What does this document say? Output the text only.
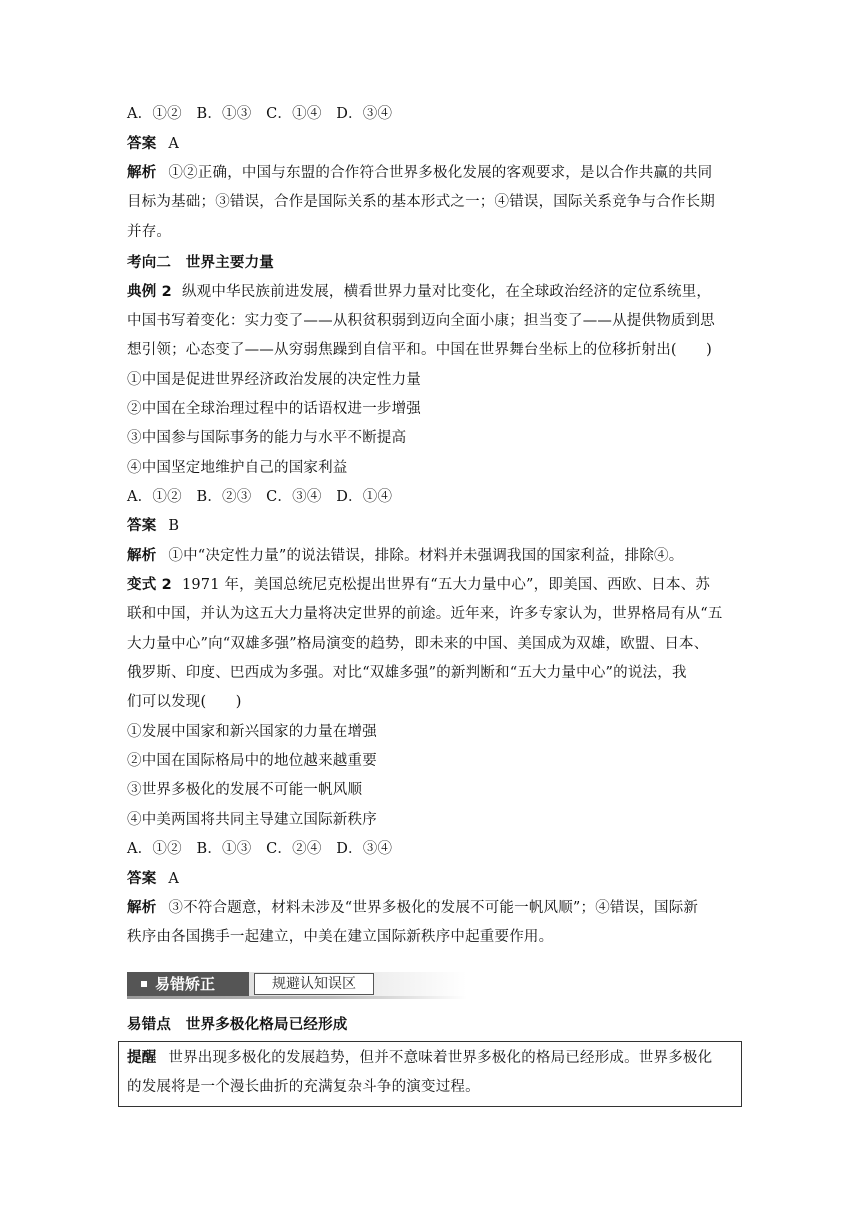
A．①②　B．①③　C．①④　D．③④
答案 A
解析 ①②正确，中国与东盟的合作符合世界多极化发展的客观要求，是以合作共赢的共同
目标为基础；③错误，合作是国际关系的基本形式之一；④错误，国际关系竞争与合作长期
并存。
考向二　世界主要力量
典例 2 纵观中华民族前进发展，横看世界力量对比变化，在全球政治经济的定位系统里，
中国书写着变化：实力变了——从积贫积弱到迈向全面小康；担当变了——从提供物质到思
想引领；心态变了——从穷弱焦躁到自信平和。中国在世界舞台坐标上的位移折射出(　　)
①中国是促进世界经济政治发展的决定性力量
②中国在全球治理过程中的话语权进一步增强
③中国参与国际事务的能力与水平不断提高
④中国坚定地维护自己的国家利益
A．①②　B．②③　C．③④　D．①④
答案 B
解析 ①中“决定性力量”的说法错误，排除。材料并未强调我国的国家利益，排除④。
变式 2 1971 年，美国总统尼克松提出世界有“五大力量中心”，即美国、西欧、日本、苏
联和中国，并认为这五大力量将决定世界的前途。近年来，许多专家认为，世界格局有从“五
大力量中心”向“双雄多强”格局演变的趋势，即未来的中国、美国成为双雄，欧盟、日本、
俄罗斯、印度、巴西成为多强。对比“双雄多强”的新判断和“五大力量中心”的说法，我
们可以发现(　　)
①发展中国家和新兴国家的力量在增强
②中国在国际格局中的地位越来越重要
③世界多极化的发展不可能一帆风顺
④中美两国将共同主导建立国际新秩序
A．①②　B．①③　C．②④　D．③④
答案 A
解析 ③不符合题意，材料未涉及“世界多极化的发展不可能一帆风顺”；④错误，国际新
秩序由各国携手一起建立，中美在建立国际新秩序中起重要作用。
易错矫正	规避认知误区
易错点　世界多极化格局已经形成
提醒 世界出现多极化的发展趋势，但并不意味着世界多极化的格局已经形成。世界多极化
的发展将是一个漫长曲折的充满复杂斗争的演变过程。
